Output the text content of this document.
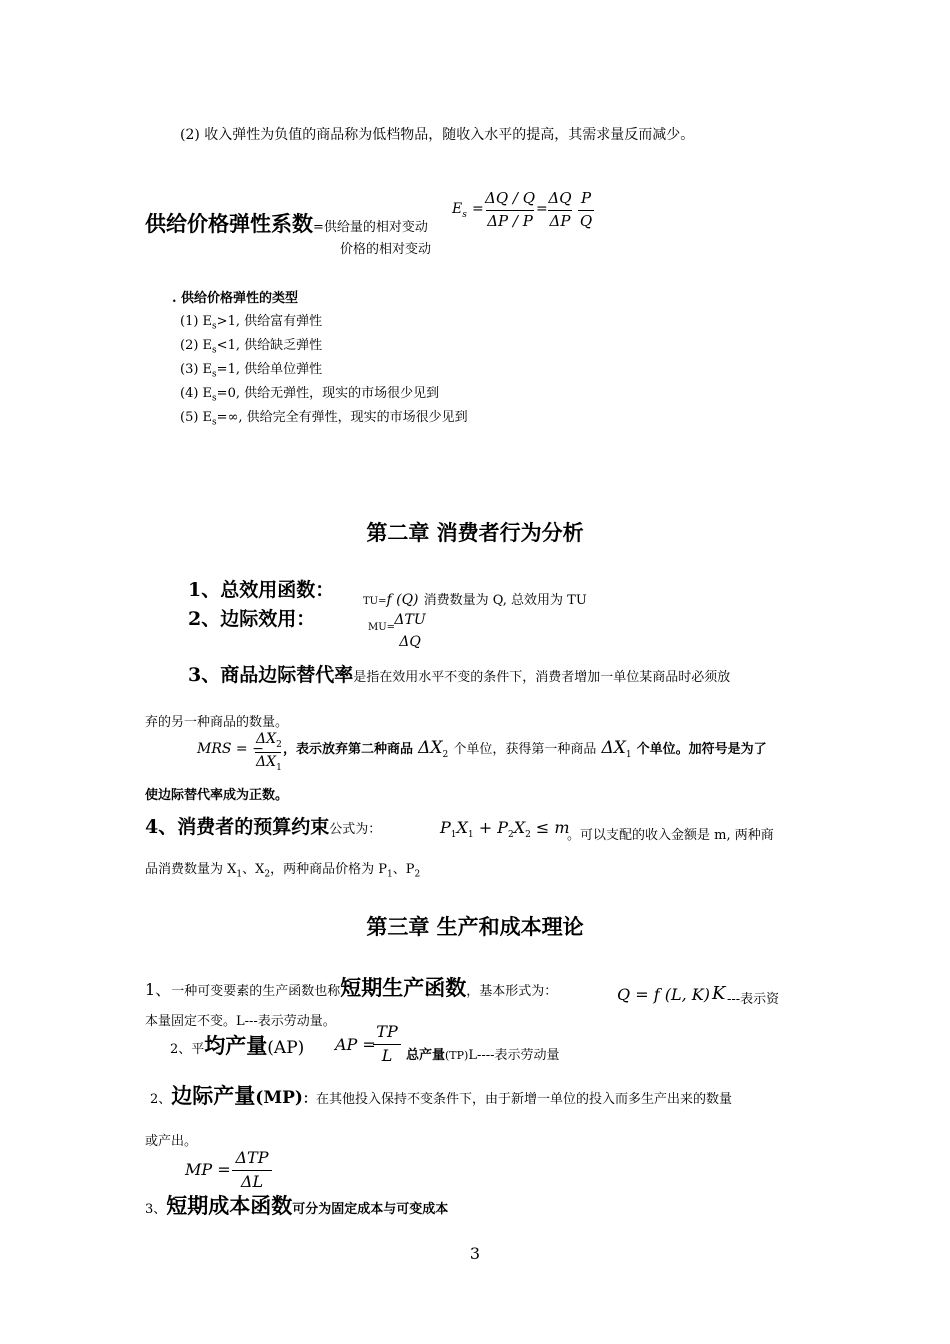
(2) 收入弹性为负值的商品称为低档物品，随收入水平的提高，其需求量反而减少。
供给价格弹性系数=供给量的相对变动
价格的相对变动
$E_s$ =
ΔQ / Q
ΔP / P
=
ΔQ
ΔP
P
Q
. 供给价格弹性的类型
(1) $E_s>1$, 供给富有弹性
(2) $E_s<1$, 供给缺乏弹性
(3) $E_s=1$, 供给单位弹性
(4) $E_s=0$, 供给无弹性，现实的市场很少见到
(5) $E_s=\infty$, 供给完全有弹性，现实的市场很少见到
第二章 消费者行为分析
1、总效用函数：
TU=f (Q) 消费数量为 Q, 总效用为 TU
2、边际效用：	MU= ΔTU
ΔQ
3、商品边际替代率是指在效用水平不变的条件下，消费者增加一单位某商品时必须放
弃的另一种商品的数量。
MRS = −
$\Delta X_2$
$\Delta X_1$
，表示放弃第二种商品 $\Delta X_2$ 个单位，获得第一种商品 $\Delta X_1$ 个单位。加符号是为了
使边际替代率成为正数。
4、消费者的预算约束公式为：	$P_1X_1 + P_2X_2 \le m$
。可以支配的收入金额是 m, 两种商
品消费数量为 $X_1$、$X_2$，两种商品价格为 $P_1$、$P_2$
第三章 生产和成本理论
1、一种可变要素的生产函数也称短期生产函数，基本形式为：	Q = f (L, K) K ---表示资
本量固定不变。L---表示劳动量。
2、平均产量(AP) AP =
TP
L	总产量(TP)L----表示劳动量
2、边际产量(MP)：在其他投入保持不变条件下，由于新增一单位的投入而多生产出来的数量
或产出。
MP =
ΔTP
ΔL
3、短期成本函数可分为固定成本与可变成本
3
